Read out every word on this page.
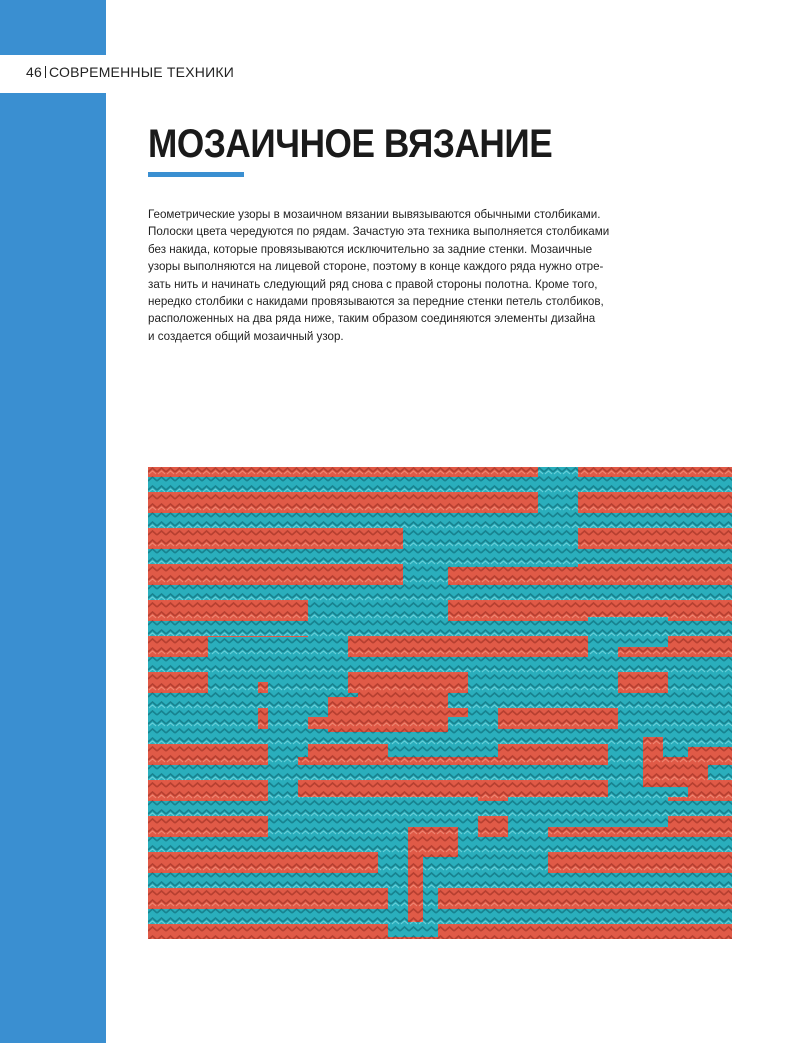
46 СОВРЕМЕННЫЕ ТЕХНИКИ
МОЗАИЧНОЕ ВЯЗАНИЕ

Геометрические узоры в мозаичном вязании вывязываются обычными столбиками.
Полоски цвета чередуются по рядам. Зачастую эта техника выполняется столбиками
без накида, которые провязываются исключительно за задние стенки. Мозаичные
узоры выполняются на лицевой стороне, поэтому в конце каждого ряда нужно отре-
зать нить и начинать следующий ряд снова с правой стороны полотна. Кроме того,
нередко столбики с накидами провязываются за передние стенки петель столбиков,
расположенных на два ряда ниже, таким образом соединяются элементы дизайна
и создается общий мозаичный узор.
